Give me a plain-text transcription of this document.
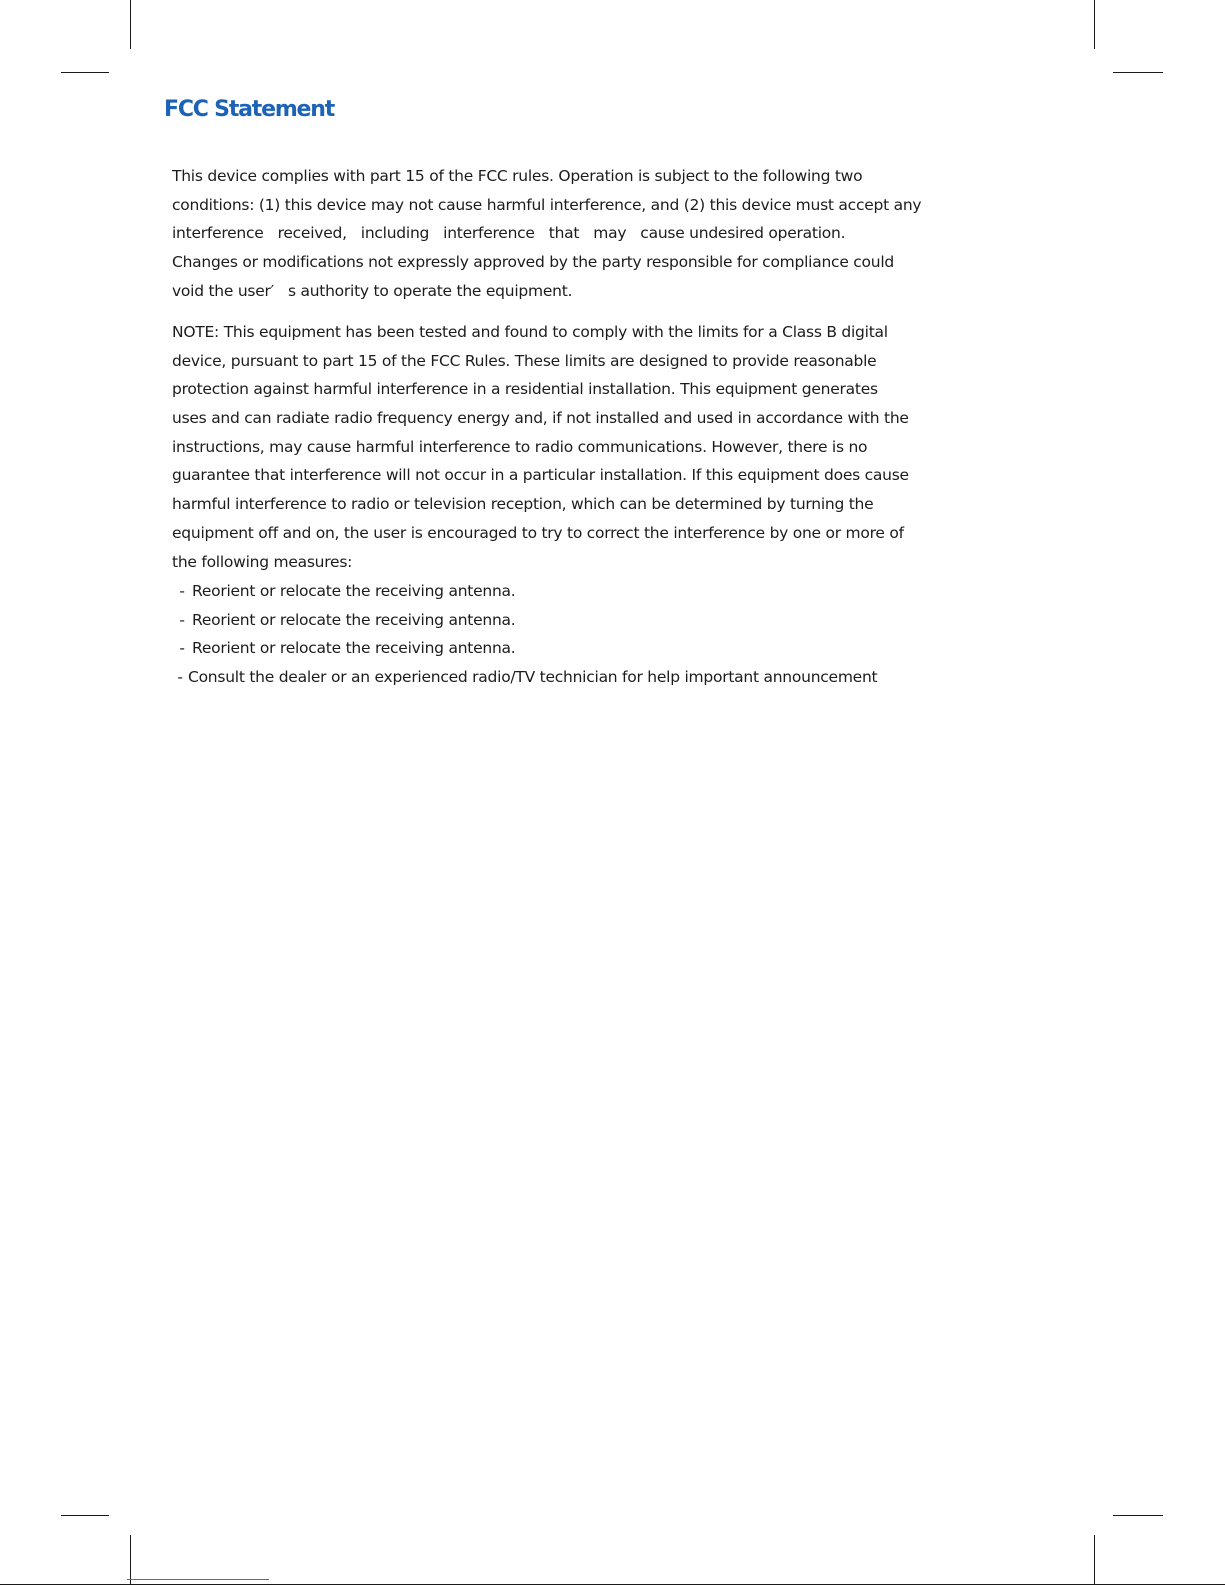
FCC Statement
This device complies with part 15 of the FCC rules. Operation is subject to the following two
conditions: (1) this device may not cause harmful interference, and (2) this device must accept any
interference   received,   including   interference   that   may   cause undesired operation.
Changes or modifications not expressly approved by the party responsible for compliance could
void the user′   s authority to operate the equipment.
NOTE: This equipment has been tested and found to comply with the limits for a Class B digital
device, pursuant to part 15 of the FCC Rules. These limits are designed to provide reasonable
protection against harmful interference in a residential installation. This equipment generates
uses and can radiate radio frequency energy and, if not installed and used in accordance with the
instructions, may cause harmful interference to radio communications. However, there is no
guarantee that interference will not occur in a particular installation. If this equipment does cause
harmful interference to radio or television reception, which can be determined by turning the
equipment off and on, the user is encouraged to try to correct the interference by one or more of
the following measures:
- Reorient or relocate the receiving antenna.
- Reorient or relocate the receiving antenna.
- Reorient or relocate the receiving antenna.
- Consult the dealer or an experienced radio/TV technician for help important announcement
